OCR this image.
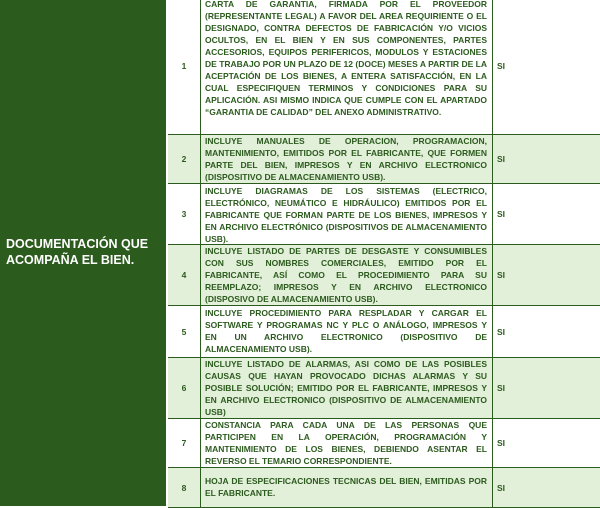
DOCUMENTACIÓN QUE ACOMPAÑA EL BIEN.
1
CARTA DE GARANTIA, FIRMADA POR EL PROVEEDOR (REPRESENTANTE LEGAL) A FAVOR DEL AREA REQUIRIENTE O EL DESIGNADO, CONTRA DEFECTOS DE FABRICACIÓN Y/O VICIOS OCULTOS, EN EL BIEN Y EN SUS COMPONENTES, PARTES ACCESORIOS, EQUIPOS PERIFERICOS, MODULOS Y ESTACIONES DE TRABAJO POR UN PLAZO DE 12 (DOCE) MESES A PARTIR DE LA ACEPTACIÓN DE LOS BIENES, A ENTERA SATISFACCIÓN, EN LA CUAL ESPECIFIQUEN TERMINOS Y CONDICIONES PARA SU APLICACIÓN. ASI MISMO INDICA QUE CUMPLE CON EL APARTADO “GARANTIA DE CALIDAD” DEL ANEXO ADMINISTRATIVO.
SI
2
INCLUYE MANUALES DE OPERACION, PROGRAMACION, MANTENIMIENTO, EMITIDOS POR EL FABRICANTE, QUE FORMEN PARTE DEL BIEN, IMPRESOS Y EN ARCHIVO ELECTRONICO (DISPOSITIVO DE ALMACENAMIENTO USB).
SI
3
INCLUYE DIAGRAMAS DE LOS SISTEMAS (ELECTRICO, ELECTRÓNICO, NEUMÁTICO E HIDRÁULICO) EMITIDOS POR EL FABRICANTE QUE FORMAN PARTE DE LOS BIENES, IMPRESOS Y EN ARCHIVO ELECTRÓNICO (DISPOSITIVOS DE ALMACENAMIENTO USB).
SI
4
INCLUYE LISTADO DE PARTES DE DESGASTE Y CONSUMIBLES CON SUS NOMBRES COMERCIALES, EMITIDO POR EL FABRICANTE, ASÍ COMO EL PROCEDIMIENTO PARA SU REEMPLAZO; IMPRESOS Y EN ARCHIVO ELECTRONICO (DISPOSIVO DE ALMACENAMIENTO USB).
SI
5
INCLUYE PROCEDIMIENTO PARA RESPLADAR Y CARGAR EL SOFTWARE Y PROGRAMAS NC Y PLC O ANÁLOGO, IMPRESOS Y EN UN ARCHIVO ELECTRONICO (DISPOSITIVO DE ALMACENAMIENTO USB).
SI
6
INCLUYE LISTADO DE ALARMAS, ASI COMO DE LAS POSIBLES CAUSAS QUE HAYAN PROVOCADO DICHAS ALARMAS Y SU POSIBLE SOLUCIÓN; EMITIDO POR EL FABRICANTE, IMPRESOS Y EN ARCHIVO ELECTRONICO (DISPOSITIVO DE ALMACENAMIENTO USB)
SI
7
CONSTANCIA PARA CADA UNA DE LAS PERSONAS QUE PARTICIPEN EN LA OPERACIÓN, PROGRAMACIÓN Y MANTENIMIENTO DE LOS BIENES, DEBIENDO ASENTAR EL REVERSO EL TEMARIO CORRESPONDIENTE.
SI
8
HOJA DE ESPECIFICACIONES TECNICAS DEL BIEN, EMITIDAS POR EL FABRICANTE.
SI
